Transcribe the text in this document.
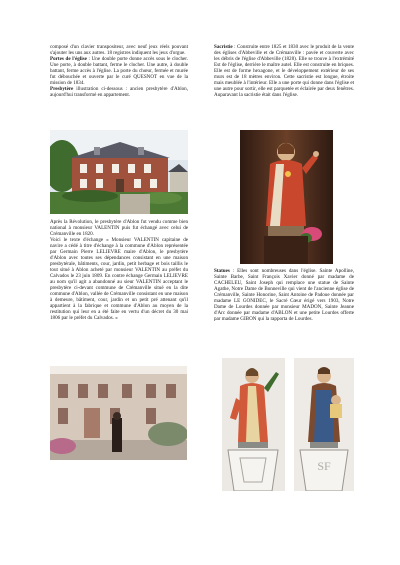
composé d'un clavier transpositeur, avec neuf jeux réels pouvant s'ajouter les uns aux autres. 18 registres indiquent les jeux d'orgue.

Portes de l'église : Une double porte donne accès sous le clocher. Une porte, à double battant, ferme le clocher. Une autre, à double battant, ferme accès à l'église. La porte du chœur, fermée et murée fut débouchée et ouverte par le curé QUESNOT en vue de la mission de 1834.

Presbytère illustration ci-dessous : ancien presbytère d'Ablon, aujourd'hui transformé en appartement.

Sacristie : Construite entre 1825 et 1830 avec le produit de la vente des églises d'Abbeville et de Crémanville : pavée et couverte avec les débris de l'église d'Abbeville (1828). Elle se trouve à l'extrémité Est de l'église, derrière le maître autel. Elle est construite en briques. Elle est de forme hexagone, et le développement extérieur de ses murs est de 18 mètres environ. Cette sacristie est longue, étroite mais meublée à l'intérieur. Elle a une porte qui donne dans l'église et une autre pour sortir, elle est parquetée et éclairée par deux fenêtres. Auparavant la sacristie était dans l'église.

Après la Révolution, le presbytère d'Ablon fut vendu comme bien national à monsieur VALENTIN puis fut échangé avec celui de Crémanville en 1820.

Voici le texte d'échange « Monsieur VALENTIN capitaine de navire a cédé à titre d'échange à la commune d'Ablon représentée par Germain Pierre LELIEVRE maire d'Ablon, le presbytère d'Ablon avec toutes ses dépendances consistant en une maison presbytérale, bâtiments, cour, jardin, petit herbage et bois taillis le tout situé à Ablon acheté par monsieur VALENTIN au préfet du Calvados le 23 juin 1809. En contre échange Germain LELIEVRE au nom qu'il agit a abandonné au sieur VALENTIN acceptant le presbytère ci-devant commune de Crémanville situé en la dite commune d'Ablon, vallée de Crémanville consistant en une maison à demeure, bâtiment, cour, jardin et un petit pré attenant qu'il appartient à la fabrique et commune d'Ablon au moyen de la restitution qui leur en a été faite en vertu d'un décret du 30 mai 1806 par le préfet du Calvados. »

Statues : Elles sont nombreuses dans l'église. Sainte Apolline, Sainte Barbe, Saint François Xavier donné par madame de CACHELEU, Saint Joseph qui remplace une statue de Sainte Agathe, Notre Dame de Bonneville qui vient de l'ancienne église de Crémanville, Sainte Honorine, Saint Antoine de Padoue donnée par madame LE GONIDEC, le Sacré Cœur érigé vers 1903, Notre Dame de Lourdes donnée par monsieur MADON, Sainte Jeanne d'Arc donnée par madame d'ABLON et une petite Lourdes offerte par madame GIBON qui la rapporta de Lourdes.

SF
